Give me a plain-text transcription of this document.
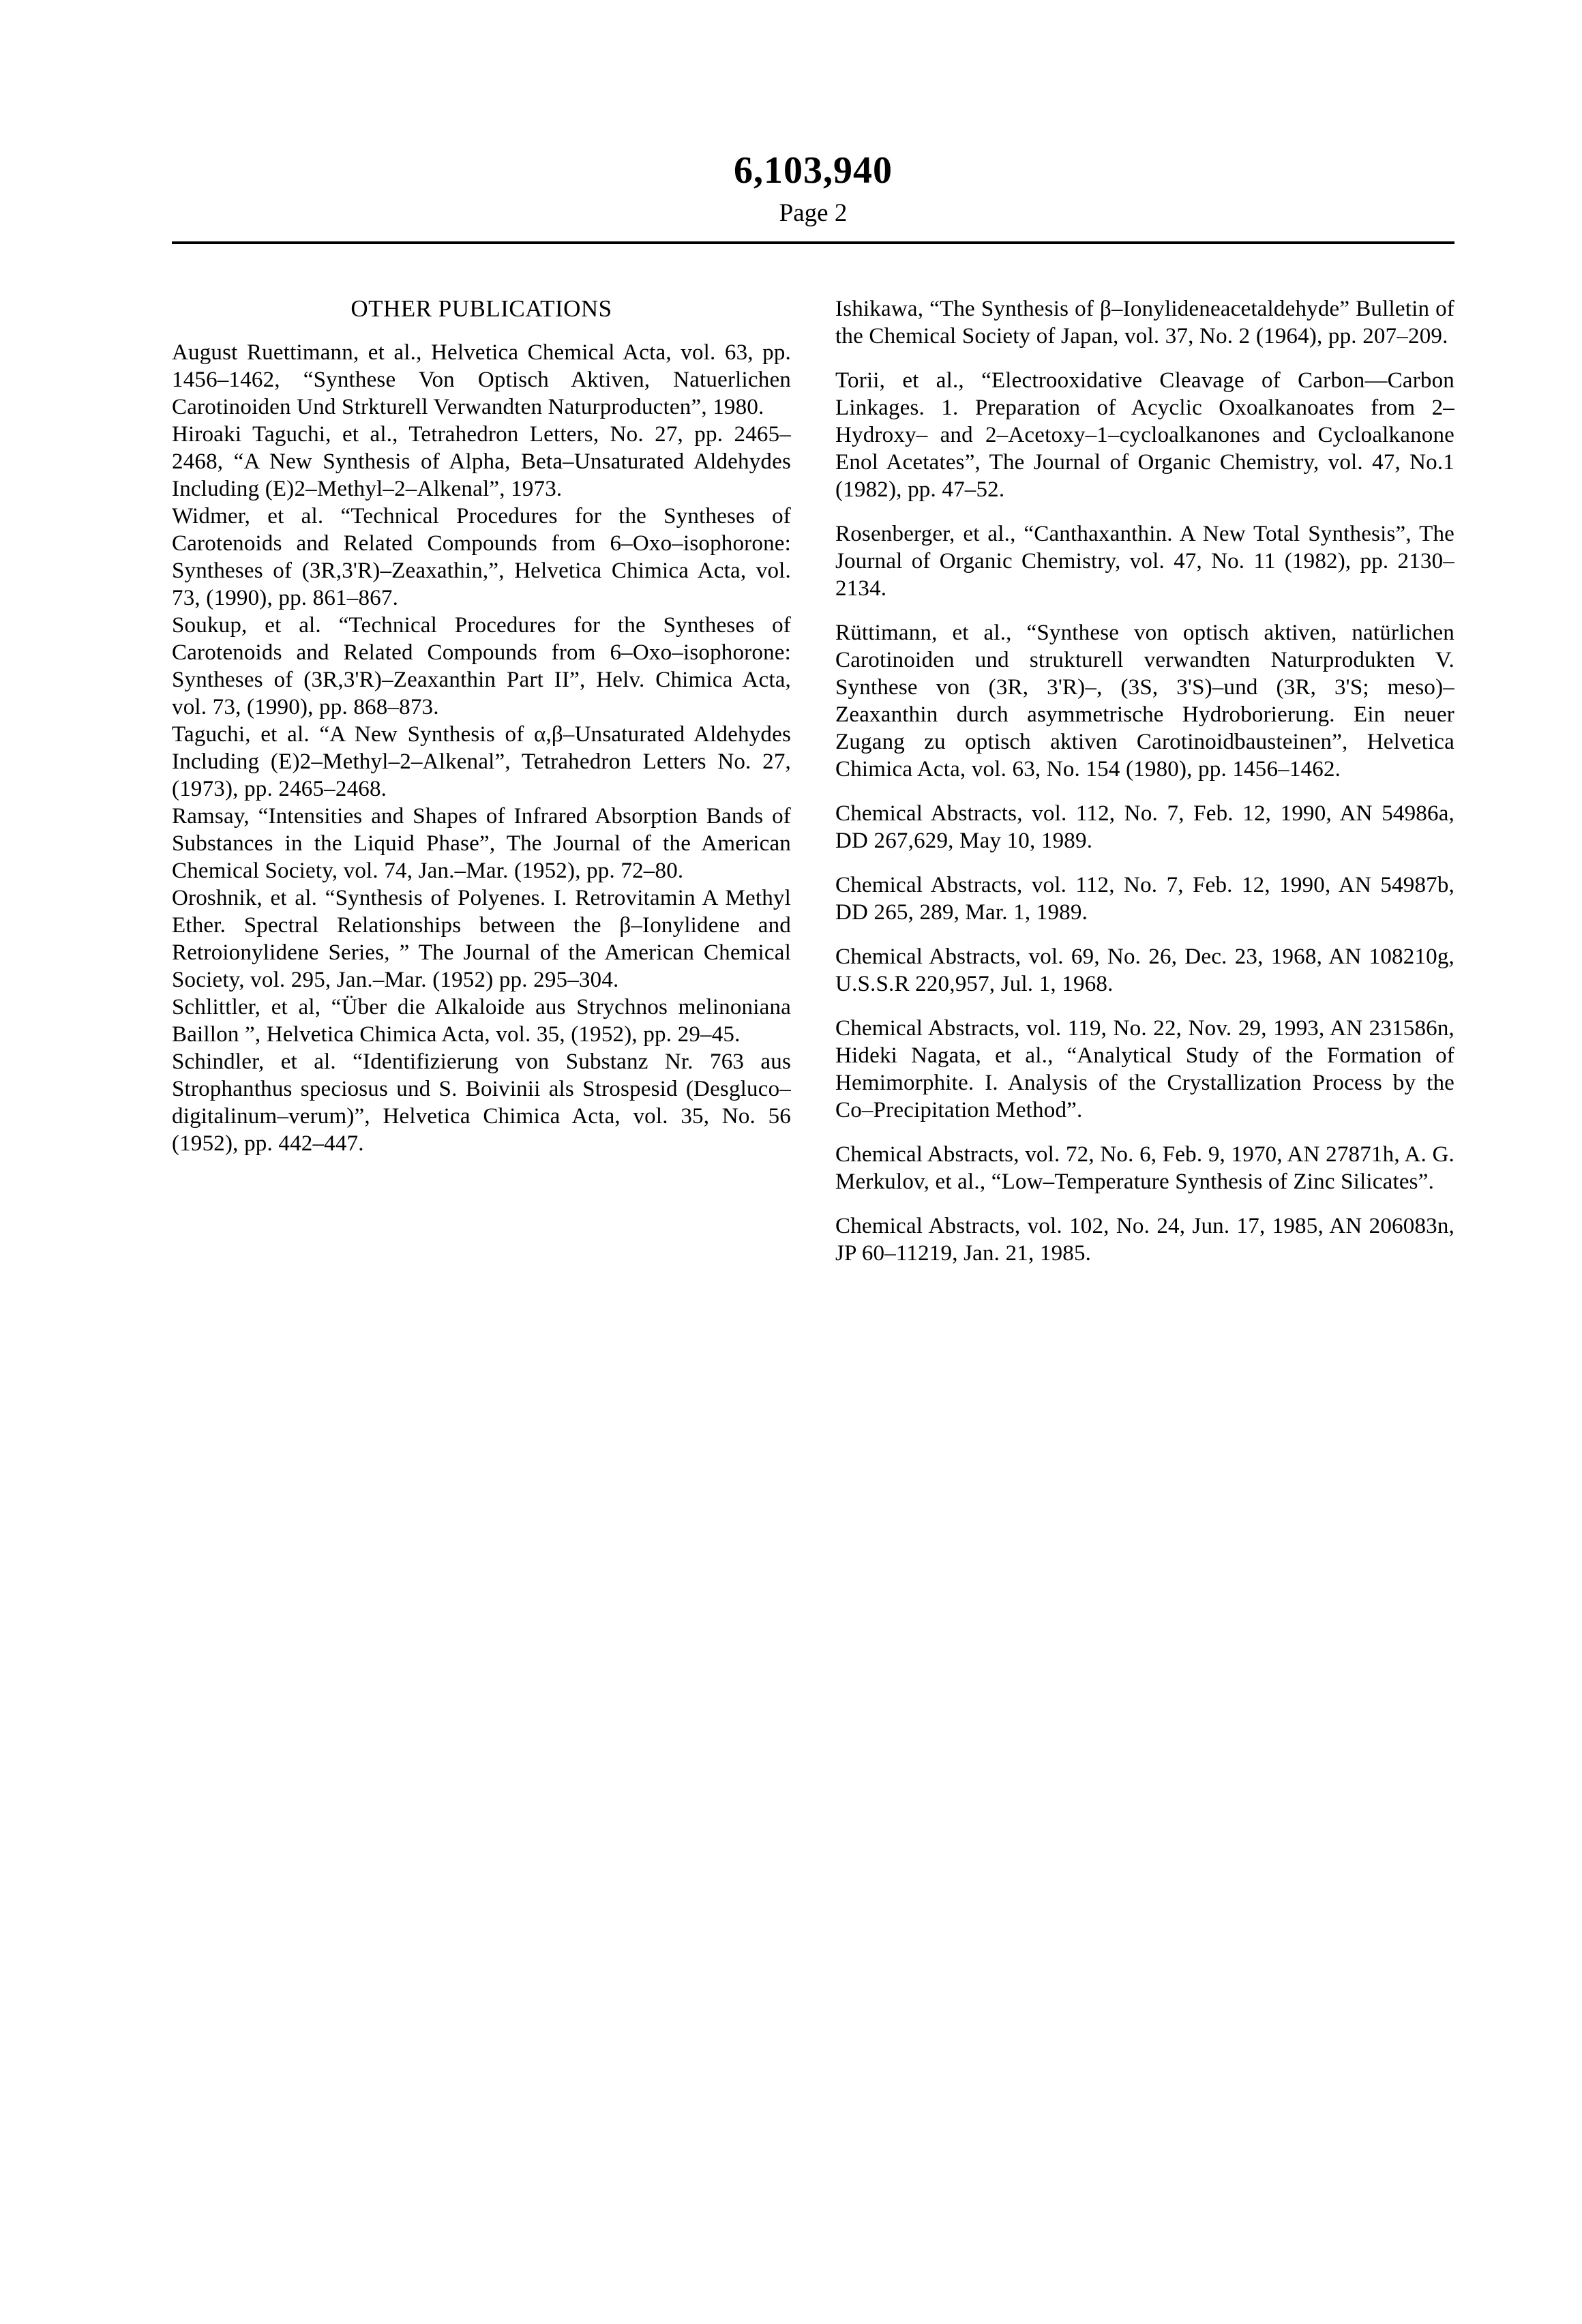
6,103,940
Page 2
OTHER PUBLICATIONS

August Ruettimann, et al., Helvetica Chemical Acta, vol. 63, pp. 1456–1462, “Synthese Von Optisch Aktiven, Natuerlichen Carotinoiden Und Strkturell Verwandten Naturproducten”, 1980.

Hiroaki Taguchi, et al., Tetrahedron Letters, No. 27, pp. 2465–2468, “A New Synthesis of Alpha, Beta–Unsaturated Aldehydes Including (E)2–Methyl–2–Alkenal”, 1973.

Widmer, et al. “Technical Procedures for the Syntheses of Carotenoids and Related Compounds from 6–Oxo–isophorone: Syntheses of (3R,3'R)–Zeaxathin,”, Helvetica Chimica Acta, vol. 73, (1990), pp. 861–867.

Soukup, et al. “Technical Procedures for the Syntheses of Carotenoids and Related Compounds from 6–Oxo–isophorone: Syntheses of (3R,3'R)–Zeaxanthin Part II”, Helv. Chimica Acta, vol. 73, (1990), pp. 868–873.

Taguchi, et al. “A New Synthesis of α,β–Unsaturated Aldehydes Including (E)2–Methyl–2–Alkenal”, Tetrahedron Letters No. 27, (1973), pp. 2465–2468.

Ramsay, “Intensities and Shapes of Infrared Absorption Bands of Substances in the Liquid Phase”, The Journal of the American Chemical Society, vol. 74, Jan.–Mar. (1952), pp. 72–80.

Oroshnik, et al. “Synthesis of Polyenes. I. Retrovitamin A Methyl Ether. Spectral Relationships between the β–Ionylidene and Retroionylidene Series, ” The Journal of the American Chemical Society, vol. 295, Jan.–Mar. (1952) pp. 295–304.

Schlittler, et al, “Über die Alkaloide aus Strychnos melinoniana Baillon ”, Helvetica Chimica Acta, vol. 35, (1952), pp. 29–45.

Schindler, et al. “Identifizierung von Substanz Nr. 763 aus Strophanthus speciosus und S. Boivinii als Strospesid (Desgluco–digitalinum–verum)”, Helvetica Chimica Acta, vol. 35, No. 56 (1952), pp. 442–447.

Ishikawa, “The Synthesis of β–Ionylideneacetaldehyde” Bulletin of the Chemical Society of Japan, vol. 37, No. 2 (1964), pp. 207–209.

Torii, et al., “Electrooxidative Cleavage of Carbon—Carbon Linkages. 1. Preparation of Acyclic Oxoalkanoates from 2–Hydroxy– and 2–Acetoxy–1–cycloalkanones and Cycloalkanone Enol Acetates”, The Journal of Organic Chemistry, vol. 47, No.1 (1982), pp. 47–52.

Rosenberger, et al., “Canthaxanthin. A New Total Synthesis”, The Journal of Organic Chemistry, vol. 47, No. 11 (1982), pp. 2130–2134.

Rüttimann, et al., “Synthese von optisch aktiven, natürlichen Carotinoiden und strukturell verwandten Naturprodukten V. Synthese von (3R, 3'R)–, (3S, 3'S)–und (3R, 3'S; meso)–Zeaxanthin durch asymmetrische Hydroborierung. Ein neuer Zugang zu optisch aktiven Carotinoidbausteinen”, Helvetica Chimica Acta, vol. 63, No. 154 (1980), pp. 1456–1462.

Chemical Abstracts, vol. 112, No. 7, Feb. 12, 1990, AN 54986a, DD 267,629, May 10, 1989.

Chemical Abstracts, vol. 112, No. 7, Feb. 12, 1990, AN 54987b, DD 265, 289, Mar. 1, 1989.

Chemical Abstracts, vol. 69, No. 26, Dec. 23, 1968, AN 108210g, U.S.S.R 220,957, Jul. 1, 1968.

Chemical Abstracts, vol. 119, No. 22, Nov. 29, 1993, AN 231586n, Hideki Nagata, et al., “Analytical Study of the Formation of Hemimorphite. I. Analysis of the Crystallization Process by the Co–Precipitation Method”.

Chemical Abstracts, vol. 72, No. 6, Feb. 9, 1970, AN 27871h, A. G. Merkulov, et al., “Low–Temperature Synthesis of Zinc Silicates”.

Chemical Abstracts, vol. 102, No. 24, Jun. 17, 1985, AN 206083n, JP 60–11219, Jan. 21, 1985.
